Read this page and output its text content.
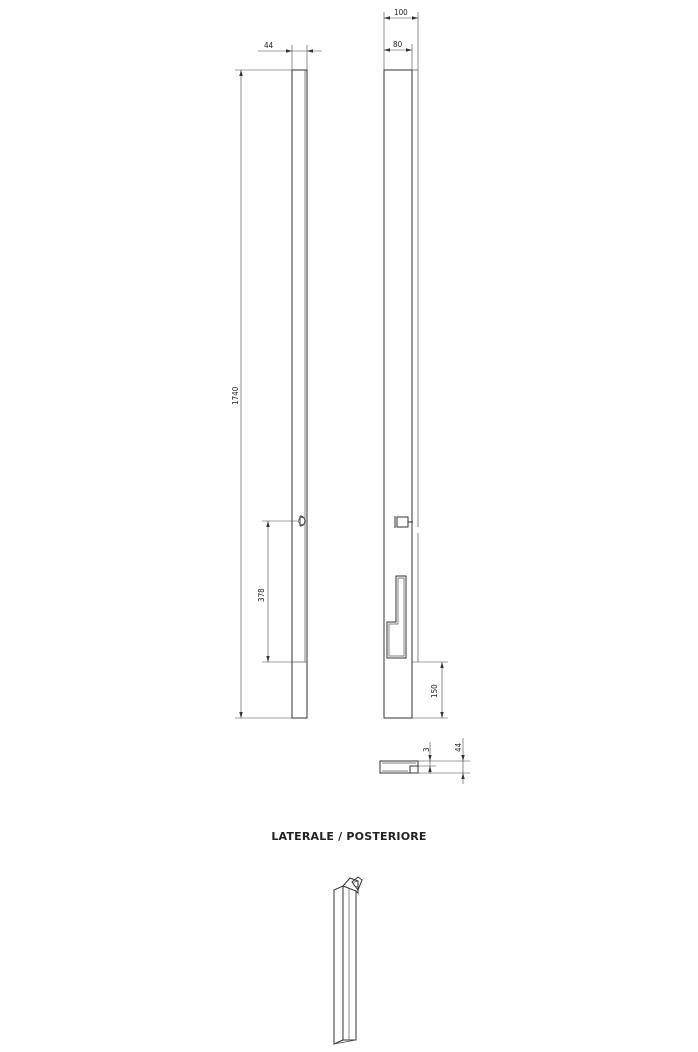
44
1740
378
100
80
150
3	44
LATERALE / POSTERIORE
